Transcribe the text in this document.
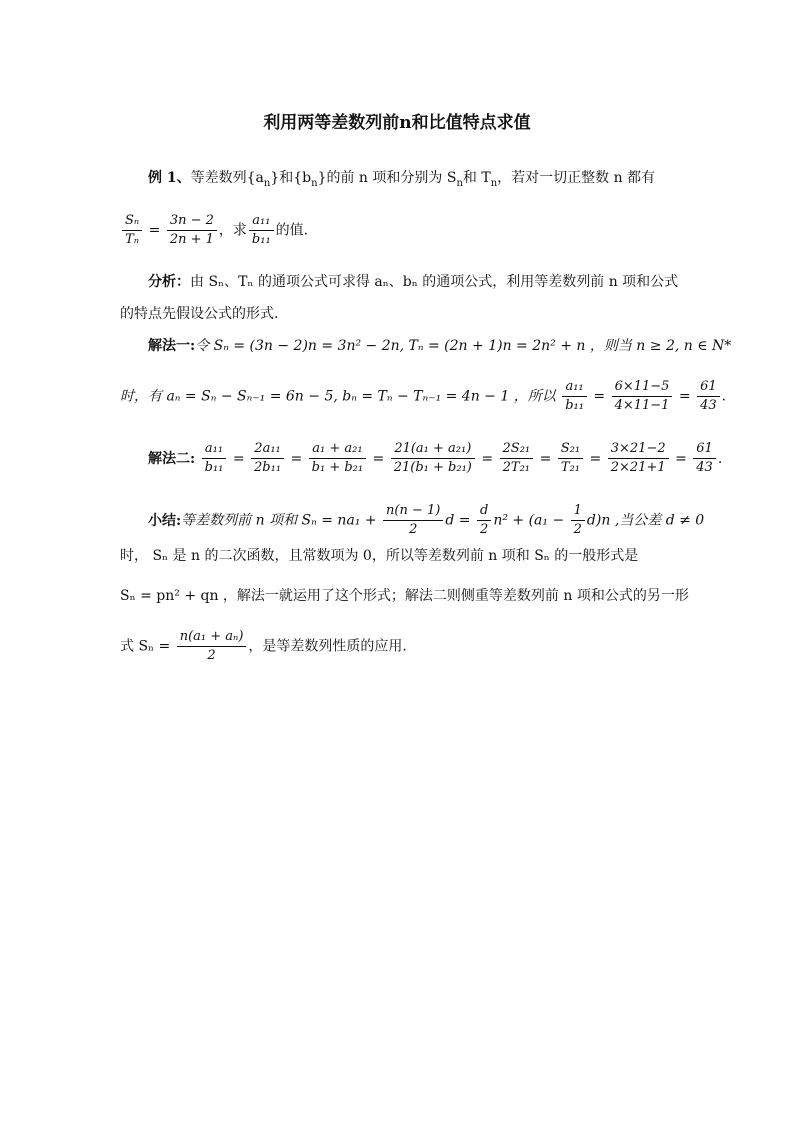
利用两等差数列前n和比值特点求值
例 1、等差数列$\{a_n\}$和$\{b_n\}$的前 n 项和分别为 $S_n$和 $T_n$，若对一切正整数 n 都有
$\frac{\text{Sₙ}}{\text{Tₙ}} = \frac{3n - 2}{2n + 1}$ ，求 $\frac{\text{a₁₁}}{\text{b₁₁}}$ 的值.
分析：由 Sₙ、Tₙ 的通项公式可求得 aₙ、bₙ 的通项公式，利用等差数列前 n 项和公式
的特点先假设公式的形式.
解法一:令 Sₙ = (3n − 2)n = 3n² − 2n, Tₙ = (2n + 1)n = 2n² + n ，则当 n ≥ 2, n ∈ N*
时，有 aₙ = Sₙ − Sₙ₋₁ = 6n − 5, bₙ = Tₙ − Tₙ₋₁ = 4n − 1 ，所以 $\frac{\text{a₁₁}}{\text{b₁₁}} = \frac{6\times 11-5}{4\times 11-1} = \frac{61}{43}$ .
解法二: $\frac{\text{a₁₁}}{\text{b₁₁}} = \frac{\text{2a₁₁}}{\text{2b₁₁}} = \frac{\text{a₁ + a₂₁}}{\text{b₁ + b₂₁}} = \frac{\text{21(a₁ + a₂₁)}}{\text{21(b₁ + b₂₁)}} = \frac{\text{2S₂₁}}{\text{2T₂₁}} = \frac{\text{S₂₁}}{\text{T₂₁}} = \frac{3\times 21-2}{2\times 21+1} = \frac{61}{43}$ .
小结:等差数列前 n 项和 $S_n = na_1 + \frac{n(n - 1)}{2}$ $d = \frac{d}{2} n^2 + (a_1 - \frac{1}{2} d)n$ ,当公差 d ≠ 0
时， Sₙ 是 n 的二次函数，且常数项为 0，所以等差数列前 n 项和 Sₙ 的一般形式是
Sₙ = pn² + qn ，解法一就运用了这个形式；解法二则侧重等差数列前 n 项和公式的另一形
式 $S_n = \frac{\text{n(a₁ + aₙ)}}{2}$ ，是等差数列性质的应用.
